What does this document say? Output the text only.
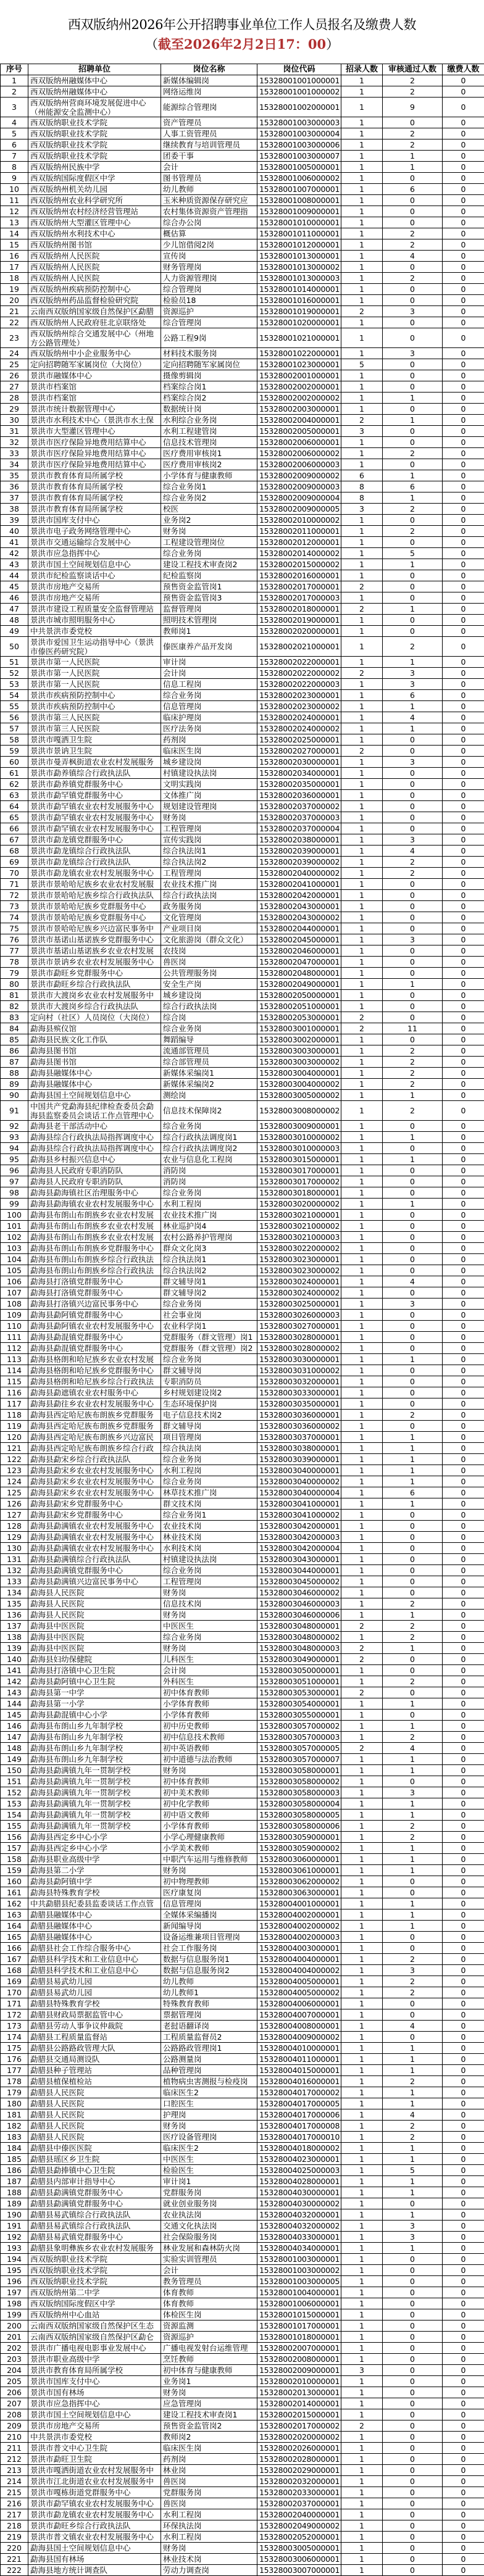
西双版纳州2026年公开招聘事业单位工作人员报名及缴费人数
（截至2026年2月2日17：00）
序号	招聘单位	岗位名称	岗位代码	招录人数	审核通过人数	缴费人数
1	西双版纳州融媒体中心	新媒体编辑岗	15328001001000001	1	2	0
2	西双版纳州融媒体中心	网络运维岗	15328001001000002	1	2	0
3	西双版纳州营商环境发展促进中心（州能源安全监测中心）	能源综合管理岗	15328001002000001	1	9	0
4	西双版纳职业技术学院	资产管理员	15328001003000003	1	0	0
5	西双版纳职业技术学院	人事工资管理员	15328001003000004	1	2	0
6	西双版纳职业技术学院	继续教育与培训管理员	15328001003000006	1	2	0
7	西双版纳职业技术学院	团委干事	15328001003000007	1	1	0
8	西双版纳州民族中学	会计	15328001005000001	1	1	0
9	西双版纳国际度假区中学	图书管理员	15328001006000002	1	0	0
10	西双版纳州机关幼儿园	幼儿教师	15328001007000001	1	6	0
11	西双版纳州农业科学研究所	玉米种质资源保存研究应	15328001008000001	1	0	0
12	西双版纳州农村经济经营管理站	农村集体资源资产管理指	15328001009000001	1	0	0
13	西双版纳州大型灌区管理中心	综合办公岗	15328001010000001	1	0	0
14	西双版纳州水利技术中心	概估算	15328001011000001	1	2	0
15	西双版纳州图书馆	少儿馆借阅2岗	15328001012000001	1	2	0
16	西双版纳州人民医院	宣传岗	15328001013000001	1	4	0
17	西双版纳州人民医院	财务管理岗	15328001013000002	1	0	0
18	西双版纳州人民医院	人力资源管理岗	15328001013000003	1	2	0
19	西双版纳州疾病预防控制中心	综合管理岗	15328001014000001	1	0	0
20	西双版纳州药品监督检验研究院	检验员18	15328001016000001	1	0	0
21	云南西双版纳国家级自然保护区勐腊	资源巡护	15328001019000001	2	3	0
22	西双版纳州人民政府驻北京联络处	综合管理岗	15328001020000001	1	0	0
23	西双版纳州综合交通发展中心（州地方公路管理处）	公路工程9岗	15328001021000001	1	0	0
24	西双版纳州中小企业服务中心	材料技术服务岗	15328001022000001	1	3	0
25	定向招聘随军家属岗位（大岗位）	定向招聘随军家属岗位	15328001023000001	5	0	0
26	景洪市融媒体中心	摄像剪辑岗	15328002001000001	1	0	0
27	景洪市档案馆	档案综合岗1	15328002002000001	1	0	0
28	景洪市档案馆	档案综合岗2	15328002002000002	1	1	0
29	景洪市统计数据管理中心	数据统计岗	15328002003000001	1	0	0
30	景洪市水利技术中心（景洪市水土保	水利综合业务岗	15328002004000001	2	1	0
31	景洪市大型灌区管理中心	水利工程建管岗	15328002005000001	3	0	0
32	景洪市医疗保险异地费用结算中心	信息技术管理岗	15328002006000001	1	0	0
33	景洪市医疗保险异地费用结算中心	医疗费用审核岗1	15328002006000002	1	2	0
34	景洪市医疗保险异地费用结算中心	医疗费用审核岗2	15328002006000003	1	0	0
35	景洪市教育体育局所属学校	小学体育与健康教师	15328002009000002	6	1	0
36	景洪市教育体育局所属学校	综合业务岗1	15328002009000003	8	6	0
37	景洪市教育体育局所属学校	综合业务岗2	15328002009000004	8	1	0
38	景洪市教育体育局所属学校	校医	15328002009000005	3	2	0
39	景洪市国库支付中心	业务岗2	15328002010000002	1	0	0
40	景洪市电子政务网络管理中心	财务岗	15328002011000001	1	2	0
41	景洪市交通运输综合发展中心	工程建设管理岗位	15328002012000001	1	0	0
42	景洪市应急指挥中心	综合业务岗	15328002014000002	1	5	0
43	景洪市国土空间规划信息中心	建设工程技术审查岗2	15328002015000002	1	1	0
44	景洪市纪检监察谈话中心	纪检监察岗	15328002016000001	1	0	0
45	景洪市房地产交易所	预售资金监管岗1	15328002017000001	2	0	0
46	景洪市房地产交易所	预售资金监管岗3	15328002017000003	1	0	0
47	景洪市建设工程质量安全监督管理站	监督管理岗	15328002018000001	2	1	0
48	景洪市城市照明服务中心	照明技术管理岗	15328002019000001	1	0	0
49	中共景洪市委党校	教师岗1	15328002020000001	1	0	0
50	景洪市爱国卫生运动指导中心（景洪市傣医药研究院）	傣医康养产品开发岗	15328002021000001	1	2	0
51	景洪市第一人民医院	审计岗	15328002022000001	1	1	0
52	景洪市第一人民医院	会计岗	15328002022000002	2	3	0
53	景洪市第一人民医院	信息工程岗	15328002022000003	1	3	0
54	景洪市疾病预防控制中心	综合业务岗	15328002023000001	1	6	0
55	景洪市疾病预防控制中心	信息管理岗	15328002023000002	1	1	0
56	景洪市第三人民医院	临床护理岗	15328002024000001	1	4	0
57	景洪市第三人民医院	医疗法务岗	15328002024000002	1	1	0
58	景洪市嘎洒卫生院	药剂岗	15328002025000001	1	0	0
59	景洪市景讷卫生院	临床医生岗	15328002027000001	2	0	0
60	景洪市曼弄枫街道农业农村发展服务	城乡建设岗	15328002030000001	1	3	0
61	景洪市勐养镇综合行政执法队	村镇建设执法岗	15328002034000001	1	0	0
62	景洪市勐养镇党群服务中心	文明实践岗	15328002035000001	1	0	0
63	景洪市勐罕镇党群服务中心	文体推广岗	15328002036000001	1	0	0
64	景洪市勐罕镇农业农村发展服务中心	规划建设管理岗	15328002037000002	1	0	0
65	景洪市勐罕镇农业农村发展服务中心	财务岗	15328002037000003	1	0	0
66	景洪市勐罕镇农业农村发展服务中心	工程管理岗	15328002037000004	1	0	0
67	景洪市勐龙镇党群服务中心	宣传实践岗	15328002038000001	1	3	0
68	景洪市勐龙镇综合行政执法队	综合执法岗1	15328002039000001	1	4	0
69	景洪市勐龙镇综合行政执法队	综合执法岗2	15328002039000002	1	2	0
70	景洪市勐龙镇农业农村发展服务中心	工程管理岗	15328002040000002	1	2	0
71	景洪市景哈哈尼族乡农业农村发展服	农业技术推广岗	15328002041000001	1	0	0
72	景洪市景哈哈尼族乡综合行政执法队	综合行政执法岗	15328002042000001	1	0	0
73	景洪市景哈哈尼族乡党群服务中心	政务服务岗	15328002043000001	1	0	0
74	景洪市景哈哈尼族乡党群服务中心	文化管理岗	15328002043000002	1	0	0
75	景洪市景哈哈尼族乡兴边富民事务中	产业项目岗	15328002044000001	1	0	0
76	景洪市基诺山基诺族乡党群服务中心	文化旅游岗（群众文化）	15328002045000001	1	3	0
77	景洪市基诺山基诺族乡农业农村发展	农技岗	15328002046000001	1	0	0
78	景洪市景讷乡农业农村发展服务中心	兽医岗	15328002047000001	1	0	0
79	景洪市勐旺乡党群服务中心	公共管理服务岗	15328002048000001	1	0	0
80	景洪市勐旺乡综合行政执法队	安全生产岗	15328002049000001	1	1	0
81	景洪市大渡岗乡农业农村发展服务中	城乡建设岗	15328002050000001	1	0	0
82	景洪市大渡岗乡综合行政执法队	综合行政执法岗	15328002051000001	1	0	0
83	定向村（社区）人员岗位（大岗位）	综合岗	15328002053000001	2	0	0
84	勐海县殡仪馆	综合业务岗	15328003001000001	2	11	0
85	勐海县民族文化工作队	舞蹈编导	15328003002000001	1	0	0
86	勐海县图书馆	流通部管理员	15328003003000001	1	2	0
87	勐海县图书馆	综合部管理员	15328003003000002	1	2	0
88	勐海县融媒体中心	新媒体采编岗1	15328003004000001	1	2	0
89	勐海县融媒体中心	新媒体采编岗2	15328003004000002	1	2	0
90	勐海县国土空间规划信息中心	测绘岗	15328003005000002	1	1	0
91	中国共产党勐海县纪律检查委员会勐海县监察委员会谈话工作点管理中心	信息技术保障岗2	15328003008000002	1	2	0
92	勐海县老干部活动中心	综合业务岗	15328003009000001	1	0	0
93	勐海县综合行政执法局指挥调度中心	综合行政执法调度岗1	15328003010000002	1	1	0
94	勐海县综合行政执法局指挥调度中心	综合行政执法调度岗2	15328003010000003	1	0	0
95	勐海县乡村振兴信息中心	农业与信息化工程岗	15328003015000001	1	1	0
96	勐海县人民政府专职消防队	消防岗	15328003017000001	1	0	0
97	勐海县人民政府专职消防队	消防岗	15328003017000002	1	0	0
98	勐海县勐海镇社区治理服务中心	综合业务岗	15328003018000001	1	0	0
99	勐海县勐海镇农业农村发展服务中心	水利工程岗	15328003020000002	1	1	0
100	勐海县布朗山布朗族乡农业农村发展	农业技术推广岗	15328003021000001	1	0	0
101	勐海县布朗山布朗族乡农业农村发展	林业巡护岗4	15328003021000002	1	0	0
102	勐海县布朗山布朗族乡农业农村发展	农村公路养护管理岗	15328003021000003	1	0	0
103	勐海县布朗山布朗族乡党群服务中心	群众文化岗3	15328003022000002	1	0	0
104	勐海县布朗山布朗族乡综合行政执法	综合执法岗1	15328003023000001	1	0	0
105	勐海县布朗山布朗族乡综合行政执法	综合执法岗2	15328003023000002	1	0	0
106	勐海县打洛镇党群服务中心	群文辅导岗1	15328003024000001	1	4	0
107	勐海县打洛镇党群服务中心	群文辅导岗2	15328003024000002	1	0	0
108	勐海县打洛镇兴边富民事务中心	综合业务岗	15328003025000001	1	3	0
109	勐海县勐阿镇党群服务中心	社会事业岗	15328003026000003	1	0	0
110	勐海县勐阿镇农业农村发展服务中心	农业科学岗1	15328003027000001	1	0	0
111	勐海县勐混镇党群服务中心	党群服务（群文管理）岗1	15328003028000001	1	0	0
112	勐海县勐混镇党群服务中心	党群服务（群文管理）岗2	15328003028000002	1	0	0
113	勐海县格朗和哈尼族乡农业农村发展	综合业务岗	15328003030000001	1	1	0
114	勐海县格朗和哈尼族乡党群服务中心	群文辅导岗	15328003031000002	1	0	0
115	勐海县格朗和哈尼族乡综合行政执法	专职消防员	15328003032000001	1	0	0
116	勐海县勐遮镇农业农村服务中心	乡村规划建设岗2	15328003033000001	1	0	0
117	勐海县勐往乡农业农村发展服务中心	生态环境保护岗	15328003035000001	1	0	0
118	勐海县西定哈尼族布朗族乡党群服务	电子信息技术岗2	15328003036000001	1	2	0
119	勐海县西定哈尼族布朗族乡党群服务	群文辅导岗	15328003036000002	1	0	0
120	勐海县西定哈尼族布朗族乡兴边富民	项目管理岗	15328003037000001	1	1	0
121	勐海县西定哈尼族布朗族乡综合行政	综合执法岗	15328003038000001	1	1	0
122	勐海县勐宋乡综合行政执法队	综合业务岗	15328003039000001	1	1	0
123	勐海县勐宋乡农业农村发展服务中心	水利工程岗	15328003040000001	1	1	0
124	勐海县勐宋乡农业农村发展服务中心	综合业务岗	15328003040000002	1	1	0
125	勐海县勐宋乡农业农村发展服务中心	林草技术推广岗	15328003040000004	1	6	0
126	勐海县勐宋乡党群服务中心	群文技术岗	15328003041000001	1	1	0
127	勐海县勐宋乡党群服务中心	综合业务岗1	15328003041000002	1	0	0
128	勐海县勐满镇农业农村发展服务中心	农业技术岗	15328003042000001	1	0	0
129	勐海县勐满镇农业农村发展服务中心	林业技术岗	15328003042000003	1	0	0
130	勐海县勐满镇农业农村发展服务中心	水利技术岗	15328003042000004	1	0	0
131	勐海县勐满镇综合行政执法队	村镇建设执法岗	15328003043000001	1	0	0
132	勐海县勐满镇党群服务中心	综合业务岗	15328003044000001	1	0	0
133	勐海县勐满镇兴边富民事务中心	工程管理岗	15328003045000002	1	0	0
134	勐海县人民医院	财务岗	15328003046000002	1	0	0
135	勐海县人民医院	信息技术岗	15328003046000003	1	2	0
136	勐海县人民医院	财务岗	15328003046000006	1	1	0
137	勐海县中医医院	中医医生	15328003048000001	2	2	0
138	勐海县中医医院	综合业务岗	15328003048000002	1	2	0
139	勐海县中医医院	财务岗	15328003048000003	2	1	0
140	勐海县妇幼保健院	儿科医生	15328003049000001	2	0	0
141	勐海县打洛镇中心卫生院	会计岗	15328003050000001	1	0	0
142	勐海县勐阿镇中心卫生院	外科医生	15328003051000001	1	2	0
143	勐海县第一中学	初中体育教师	15328003053000001	2	0	0
144	勐海县第一小学	小学体育教师	15328003054000001	1	1	0
145	勐海县勐混镇中心小学	小学体育教师	15328003055000001	1	0	0
146	勐海县布朗山乡九年制学校	初中历史教师	15328003057000002	1	1	0
147	勐海县布朗山乡九年制学校	初中信息技术教师	15328003057000003	1	2	0
148	勐海县布朗山乡九年制学校	初中英语教师	15328003057000005	2	4	0
149	勐海县布朗山乡九年制学校	初中道德与法治教师	15328003057000007	1	1	0
150	勐海县勐满镇九年一贯制学校	财务岗	15328003058000001	1	1	0
151	勐海县勐满镇九年一贯制学校	初中体育教师	15328003058000002	1	0	0
152	勐海县勐满镇九年一贯制学校	初中美术教师	15328003058000003	1	3	0
153	勐海县勐满镇九年一贯制学校	初中化学教师	15328003058000004	1	1	0
154	勐海县勐满镇九年一贯制学校	初中语文教师	15328003058000005	1	1	0
155	勐海县勐满镇九年一贯制学校	小学体育教师	15328003058000006	1	2	0
156	勐海县西定乡中心小学	小学心理健康教师	15328003059000001	1	2	0
157	勐海县西定乡中心小学	小学美术教师	15328003059000002	1	1	0
158	勐海县职业高级中学	中职汽车运用与维修教师	15328003060000001	1	1	0
159	勐海县第二小学	财务岗	15328003061000001	1	1	0
160	勐海县勐阿镇中学	初中物理教师	15328003062000002	1	0	0
161	勐海县特殊教育学校	医疗康复岗	15328003063000001	1	0	0
162	中共勐腊县纪委县监委谈话工作点管	信息管理岗	15328004001000001	1	1	0
163	勐腊县融媒体中心	全媒体采编播岗	15328004002000001	1	1	0
164	勐腊县融媒体中心	新闻编导岗	15328004002000002	1	1	0
165	勐腊县融媒体中心	设备运维兼项目管理岗	15328004002000003	1	0	0
166	勐腊县社会工作综合服务中心	社会工作服务岗	15328004003000001	1	0	0
167	勐腊县科学技术和工业信息中心	数据与信息服务岗1	15328004004000001	1	2	0
168	勐腊县科学技术和工业信息中心	数据与信息服务岗2	15328004004000002	1	3	0
169	勐腊县易武幼儿园	幼儿教师	15328004005000001	1	2	0
170	勐腊县易武幼儿园	幼儿教师1	15328004005000002	1	2	0
171	勐腊县特殊教育学校	特殊教育教师	15328004006000001	1	0	0
172	勐腊县财政局票据监管中心	票据管理岗	15328004007000001	1	0	0
173	勐腊县劳动人事争议仲裁院	老挝语翻译岗	15328004008000001	1	4	0
174	勐腊县工程质量监督站	工程质量监督员2	15328004009000002	1	0	0
175	勐腊县公路路政管理大队	公路路政管理岗1	15328004010000001	1	1	0
176	勐腊县交通局测设队	公路测量岗	15328004011000001	1	1	0
177	勐腊县种子管理站	品种管理岗	15328004015000001	1	1	0
178	勐腊县植保植检站	植物病虫害测报与检疫岗	15328004016000001	1	2	0
179	勐腊县人民医院	临床医生2	15328004017000002	1	1	0
180	勐腊县人民医院	口腔医生	15328004017000005	1	1	0
181	勐腊县人民医院	护理岗	15328004017000006	1	4	0
182	勐腊县人民医院	财务岗	15328004017000008	1	2	0
183	勐腊县人民医院	医疗设备管理岗	15328004017000010	1	2	0
184	勐腊县中傣医医院	临床医生2	15328004018000002	1	1	0
185	勐腊县瑶区乡卫生院	中医医生	15328004023000001	1	1	0
186	勐腊县勐捧镇中心卫生院	检验医生	15328004025000003	1	5	0
187	勐腊县内部审计指导中心	审计岗1	15328004028000001	1	1	0
188	勐腊县勐满镇党群服务中心	党群服务岗	15328004030000001	1	1	0
189	勐腊县勐满镇党群服务中心	就业创业服务岗	15328004030000002	1	0	0
190	勐腊县易武镇综合行政执法队	农业执法岗	15328004032000001	1	1	0
191	勐腊县易武镇综合行政执法队	交通文化执法岗	15328004032000002	1	3	0
192	勐腊县易武镇党群服务中心	社会保险服务岗	15328004033000001	1	3	0
193	勐腊县象明彝族乡农业农村发展服务	林业发展和森林防火岗	15328004034000001	1	1	0
194	西双版纳职业技术学院	实验实训管理员	15328001003000001	1	0	0
195	西双版纳职业技术学院	会计	15328001003000002	1	0	0
196	西双版纳职业技术学院	教务管理员	15328001003000005	1	0	0
197	西双版纳州第二中学	体育教师	15328001004000001	1	0	0
198	西双版纳国际度假区中学	体育教师	15328001006000001	1	0	0
199	西双版纳州中心血站	体检医生岗	15328001015000001	1	0	0
200	云南西双版纳国家级自然保护区生态	资源监测	15328001017000001	1	0	0
201	云南西双版纳国家级自然保护区勐仑	资源巡护	15328001018000001	1	0	0
202	景洪市广播电视电影事业发展中心	广播电视发射台运维管理	15328002007000001	1	0	0
203	景洪市职业高级中学	烹饪教师	15328002008000001	1	0	0
204	景洪市教育体育局所属学校	初中体育与健康教师	15328002009000001	3	0	0
205	景洪市国库支付中心	业务岗1	15328002010000001	1	0	0
206	景洪市国有林场	财务岗	15328002013000001	1	0	0
207	景洪市应急指挥中心	应急管理岗	15328002014000001	1	0	0
208	景洪市国土空间规划信息中心	建设工程技术审查岗1	15328002015000001	1	0	0
209	景洪市房地产交易所	预售资金监管岗2	15328002017000002	2	0	0
210	中共景洪市委党校	教师岗2	15328002020000002	1	0	0
211	景洪市普文中心卫生院	临床医生岗	15328002026000001	1	0	0
212	景洪市勐旺卫生院	药剂岗	15328002028000001	1	0	0
213	景洪市嘎洒街道农业农村发展服务中	林业岗	15328002029000001	1	0	0
214	景洪市江北街道农业农村发展服务中	兽医岗	15328002032000001	1	0	0
215	景洪市嘎栋街道党群服务中心	党群服务岗	15328002033000001	1	0	0
216	景洪市勐罕镇农业农村发展服务中心	兽医岗	15328002037000001	1	0	0
217	景洪市勐龙镇农业农村发展服务中心	水利工程岗	15328002040000001	1	0	0
218	景洪市勐旺乡综合行政执法队	环保执法岗	15328002049000002	1	0	0
219	景洪市普文镇农业农村发展服务中心	水利工程岗	15328002052000001	1	0	0
220	勐海县国土空间规划信息中心	财务岗	15328003005000001	1	0	0
221	勐海县国有林场	林业技术岗	15328003006000001	1	0	0
222	勐海县地方统计调查队	劳动力调查岗	15328003007000001	1	0	0
